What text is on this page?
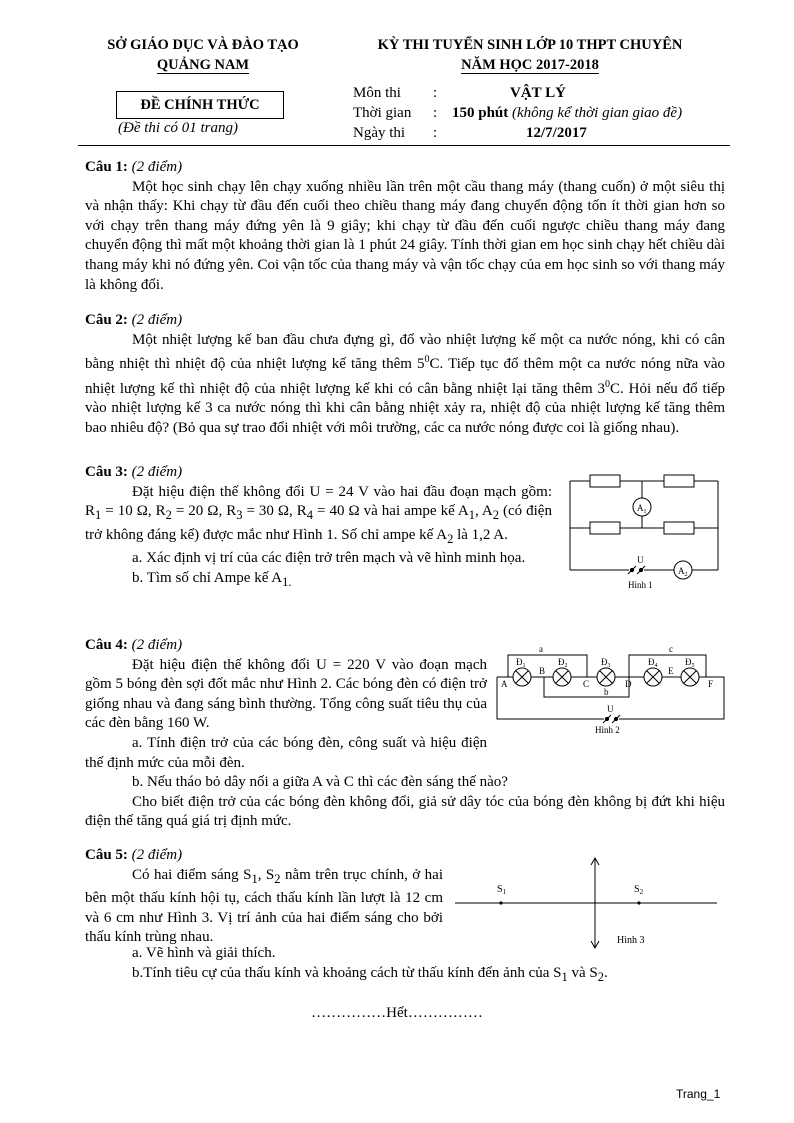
SỞ GIÁO DỤC VÀ ĐÀO TẠO
QUẢNG NAM
KỲ THI TUYỂN SINH LỚP 10 THPT CHUYÊN
NĂM HỌC 2017-2018
ĐỀ CHÍNH THỨC
(Đề thi có 01 trang)
Môn thi :	VẬT LÝ
Thời gian : 150 phút (không kể thời gian giao đề)
Ngày thi :	12/7/2017

Câu 1: (2 điểm)

Một học sinh chạy lên chạy xuống nhiều lần trên một cầu thang máy (thang cuốn) ở một siêu thị và nhận thấy: Khi chạy từ đầu đến cuối theo chiều thang máy đang chuyển động tốn ít thời gian hơn so với chạy trên thang máy đứng yên là 9 giây; khi chạy từ đầu đến cuối ngược chiều thang máy đang chuyển động thì mất một khoảng thời gian là 1 phút 24 giây. Tính thời gian em học sinh chạy hết chiều dài thang máy khi nó đứng yên. Coi vận tốc của thang máy và vận tốc chạy của em học sinh so với thang máy là không đổi.

Câu 2: (2 điểm)

Một nhiệt lượng kế ban đầu chưa đựng gì, đổ vào nhiệt lượng kế một ca nước nóng, khi có cân bằng nhiệt thì nhiệt độ của nhiệt lượng kế tăng thêm $5^0C$. Tiếp tục đổ thêm một ca nước nóng nữa vào nhiệt lượng kế thì nhiệt độ của nhiệt lượng kế khi có cân bằng nhiệt lại tăng thêm $3^0C$. Hỏi nếu đổ tiếp vào nhiệt lượng kế 3 ca nước nóng thì khi cân bằng nhiệt xảy ra, nhiệt độ của nhiệt lượng kế tăng thêm bao nhiêu độ? (Bỏ qua sự trao đổi nhiệt với môi trường, các ca nước nóng được coi là giống nhau).

Câu 3: (2 điểm)

Đặt hiệu điện thế không đổi U = 24 V vào hai đầu đoạn mạch gồm: $R_1 = 10$ Ω, $R_2 = 20$ Ω, $R_3 = 30$ Ω, $R_4 = 40$ Ω và hai ampe kế $A_1$, $A_2$ (có điện trở không đáng kể) được mắc như Hình 1. Số chỉ ampe kế $A_2$ là 1,2 A.

a. Xác định vị trí của các điện trở trên mạch và vẽ hình minh họa.

b. Tìm số chỉ Ampe kế $A_{1.}$

$A_1$
$A_2$
U
Hình 1

Câu 4: (2 điểm)

Đặt hiệu điện thế không đổi U = 220 V vào đoạn mạch gồm 5 bóng đèn sợi đốt mắc như Hình 2. Các bóng đèn có điện trở giống nhau và đang sáng bình thường. Tổng công suất tiêu thụ của các đèn bằng 160 W.

a. Tính điện trở của các bóng đèn, công suất và hiệu điện thế định mức của mỗi đèn.

b. Nếu tháo bỏ dây nối a giữa A và C thì các đèn sáng thế nào?

Cho biết điện trở của các bóng đèn không đổi, giả sử dây tóc của bóng đèn không bị đứt khi hiệu điện thế tăng quá giá trị định mức.

$Đ_1$	$Đ_2$	$Đ_3$	$Đ_4$	$Đ_5$
A
B
C	D
E
F
a
b
c
U
Hình 2

Câu 5: (2 điểm)

Có hai điểm sáng $S_1$, $S_2$ nằm trên trục chính, ở hai bên một thấu kính hội tụ, cách thấu kính lần lượt là 12 cm và 6 cm như Hình 3. Vị trí ảnh của hai điểm sáng cho bởi thấu kính trùng nhau.

a. Vẽ hình và giải thích.

b.Tính tiêu cự của thấu kính và khoảng cách từ thấu kính đến ảnh của $S_1$ và $S_2$.

$S_1$	$S_2$
Hình 3
……………Hết……………
Trang_1
